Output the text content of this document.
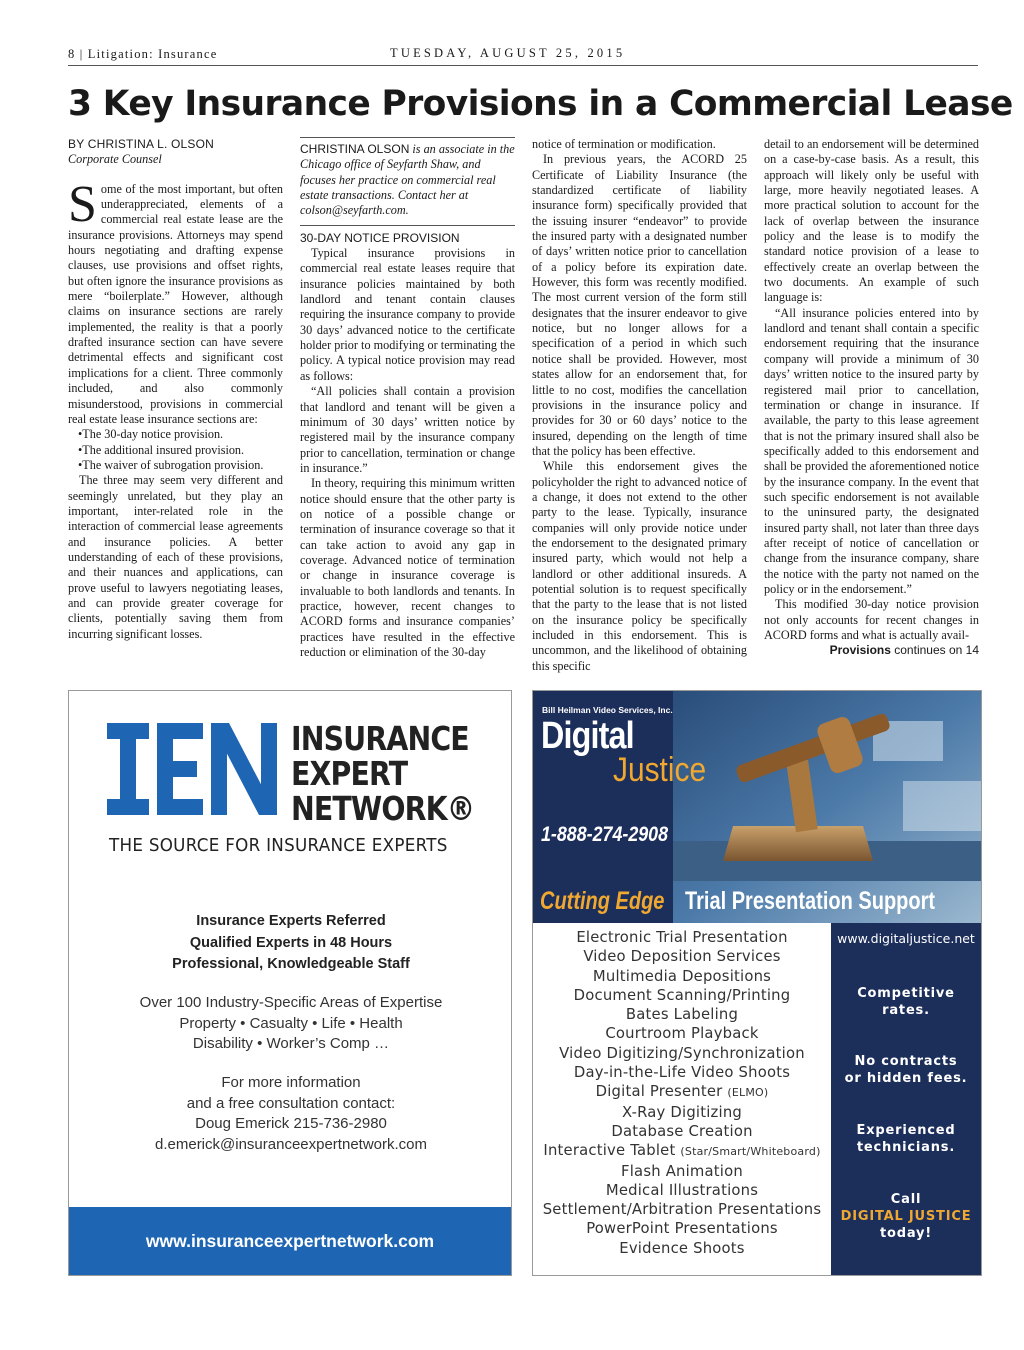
8 | Litigation: Insurance	TUESDAY, AUGUST 25, 2015
3 Key Insurance Provisions in a Commercial Lease
BY CHRISTINA L. OLSON
Corporate Counsel

Some of the most important, but often underappreciated, elements of a commercial real estate lease are the insurance provisions. Attorneys may spend hours negotiating and drafting expense clauses, use provisions and offset rights, but often ignore the insurance provisions as mere “boilerplate.” However, although claims on insurance sections are rarely implemented, the reality is that a poorly drafted insurance section can have severe detrimental effects and significant cost implications for a client. Three commonly included, and also commonly misunderstood, provisions in commercial real estate lease insurance sections are:

• The 30-day notice provision.
• The additional insured provision.
• The waiver of subrogation provision.

The three may seem very different and seemingly unrelated, but they play an important, inter-related role in the interaction of commercial lease agreements and insurance policies. A better understanding of each of these provisions, and their nuances and applications, can prove useful to lawyers negotiating leases, and can provide greater coverage for clients, potentially saving them from incurring significant losses.

CHRISTINA OLSON is an associate in the Chicago office of Seyfarth Shaw, and focuses her practice on commercial real estate transactions. Contact her at colson@seyfarth.com.
30-DAY NOTICE PROVISION

Typical insurance provisions in commercial real estate leases require that insurance policies maintained by both landlord and tenant contain clauses requiring the insurance company to provide 30 days’ advanced notice to the certificate holder prior to modifying or terminating the policy. A typical notice provision may read as follows:

“All policies shall contain a provision that landlord and tenant will be given a minimum of 30 days’ written notice by registered mail by the insurance company prior to cancellation, termination or change in insurance.”

In theory, requiring this minimum written notice should ensure that the other party is on notice of a possible change or termination of insurance coverage so that it can take action to avoid any gap in coverage. Advanced notice of termination or change in insurance coverage is invaluable to both landlords and tenants. In practice, however, recent changes to ACORD forms and insurance companies’ practices have resulted in the effective reduction or elimination of the 30-day

notice of termination or modification.

In previous years, the ACORD 25 Certificate of Liability Insurance (the standardized certificate of liability insurance form) specifically provided that the issuing insurer “endeavor” to provide the insured party with a designated number of days’ written notice prior to cancellation of a policy before its expiration date. However, this form was recently modified. The most current version of the form still designates that the insurer endeavor to give notice, but no longer allows for a specification of a period in which such notice shall be provided. However, most states allow for an endorsement that, for little to no cost, modifies the cancellation provisions in the insurance policy and provides for 30 or 60 days’ notice to the insured, depending on the length of time that the policy has been effective.

While this endorsement gives the policyholder the right to advanced notice of a change, it does not extend to the other party to the lease. Typically, insurance companies will only provide notice under the endorsement to the designated primary insured party, which would not help a landlord or other additional insureds. A potential solution is to request specifically that the party to the lease that is not listed on the insurance policy be specifically included in this endorsement. This is uncommon, and the likelihood of obtaining this specific

detail to an endorsement will be determined on a case-by-case basis. As a result, this approach will likely only be useful with large, more heavily negotiated leases. A more practical solution to account for the lack of overlap between the insurance policy and the lease is to modify the standard notice provision of a lease to effectively create an overlap between the two documents. An example of such language is:

“All insurance policies entered into by landlord and tenant shall contain a specific endorsement requiring that the insurance company will provide a minimum of 30 days’ written notice to the insured party by registered mail prior to cancellation, termination or change in insurance. If available, the party to this lease agreement that is not the primary insured shall also be specifically added to this endorsement and shall be provided the aforementioned notice by the insurance company. In the event that such specific endorsement is not available to the uninsured party, the designated insured party shall, not later than three days after receipt of notice of cancellation or change from the insurance company, share the notice with the party not named on the policy or in the endorsement.”

This modified 30-day notice provision not only accounts for recent changes in ACORD forms and what is actually avail-

Provisions continues on 14
INSURANCE
EXPERT
NETWORK®
THE SOURCE FOR INSURANCE EXPERTS
Insurance Experts Referred
Qualified Experts in 48 Hours
Professional, Knowledgeable Staff
Over 100 Industry-Specific Areas of Expertise
Property • Casualty • Life • Health
Disability • Worker’s Comp …
For more information
and a free consultation contact:
Doug Emerick 215-736-2980
d.emerick@insuranceexpertnetwork.com
www.insuranceexpertnetwork.com
Bill Heilman Video Services, Inc.
Digital
Justice
1-888-274-2908
Cutting Edge Trial Presentation Support
Electronic Trial Presentation
Video Deposition Services
Multimedia Depositions
Document Scanning/Printing
Bates Labeling
Courtroom Playback
Video Digitizing/Synchronization
Day-in-the-Life Video Shoots
Digital Presenter (ELMO)
X-Ray Digitizing
Database Creation
Interactive Tablet (Star/Smart/Whiteboard)
Flash Animation
Medical Illustrations
Settlement/Arbitration Presentations
PowerPoint Presentations
Evidence Shoots
www.digitaljustice.net
Competitive
rates.
No contracts
or hidden fees.
Experienced
technicians.
Call
DIGITAL JUSTICE
today!
